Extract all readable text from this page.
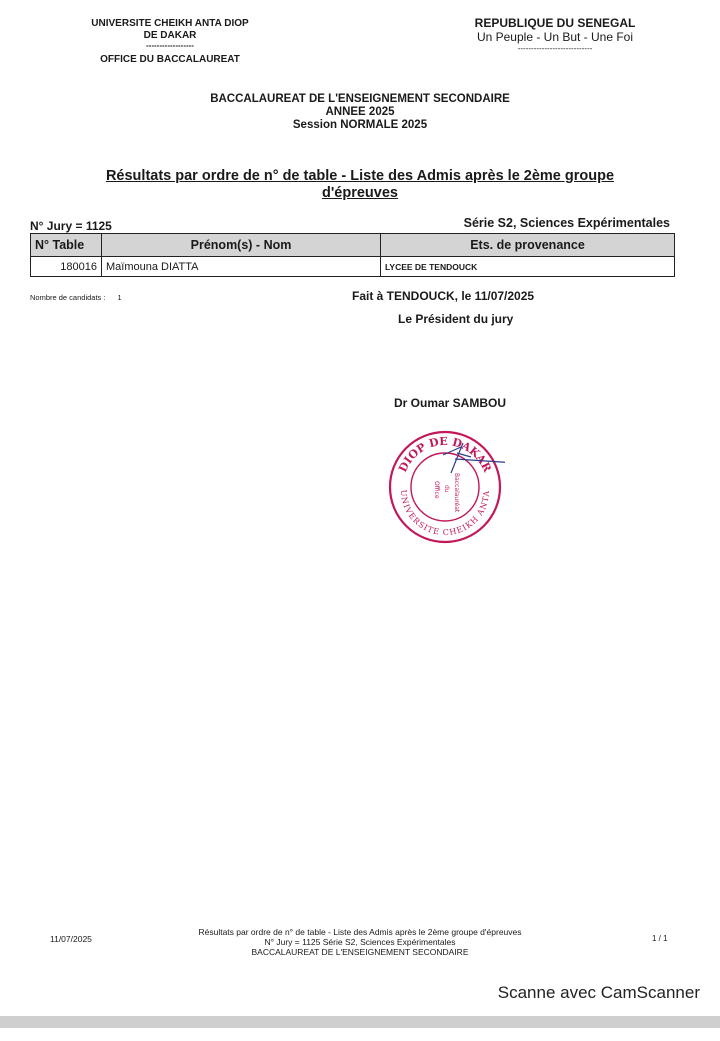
UNIVERSITE CHEIKH ANTA DIOP
DE DAKAR
------------------
OFFICE DU BACCALAUREAT
REPUBLIQUE DU SENEGAL
Un Peuple - Un But - Une Foi
----------------------------
BACCALAUREAT DE L'ENSEIGNEMENT SECONDAIRE
ANNEE 2025
Session NORMALE 2025
Résultats par ordre de n° de table - Liste des Admis après le 2ème groupe
d'épreuves
N° Jury = 1125	Série S2, Sciences Expérimentales
N° Table	Prénom(s) - Nom	Ets. de provenance
180016	Maïmouna DIATTA	LYCEE DE TENDOUCK
Nombre de candidats : 1	Fait à TENDOUCK, le 11/07/2025
Le Président du jury
Dr Oumar SAMBOU
DIOP DE DAKAR
UNIVERSITE CHEIKH ANTA
Office du Baccalauréat
11/07/2025
Résultats par ordre de n° de table - Liste des Admis après le 2ème groupe d'épreuves
N° Jury = 1125 Série S2, Sciences Expérimentales
BACCALAUREAT DE L'ENSEIGNEMENT SECONDAIRE
1 / 1
Scanne avec CamScanner
